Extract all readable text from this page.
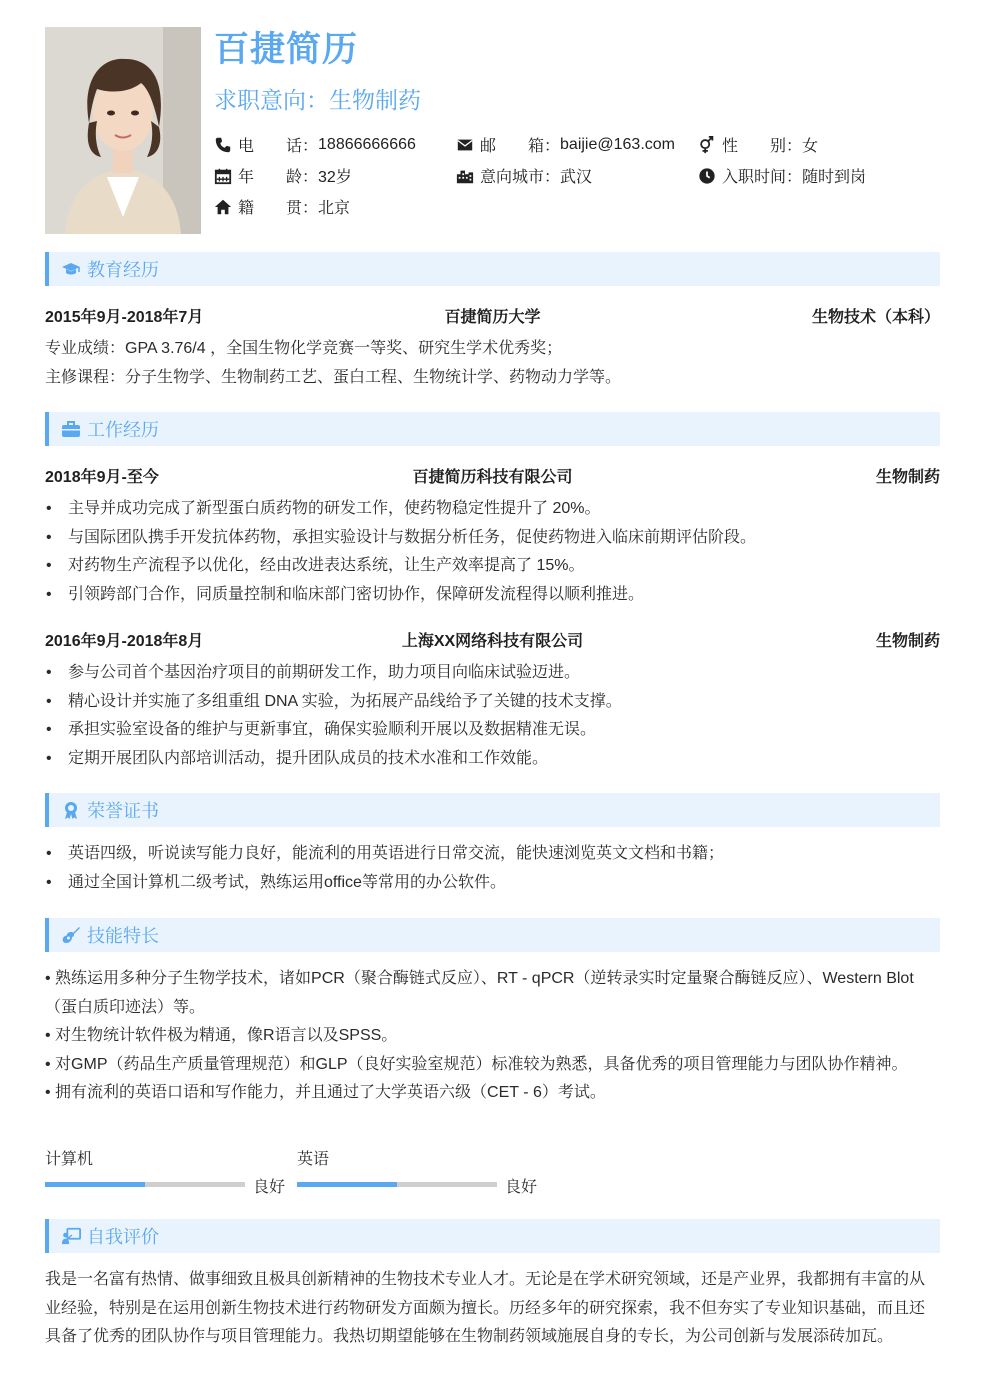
百捷简历
求职意向：生物制药
电　　话： 18866666666	邮　　箱： baijie@163.com	性　　别： 女
年　　龄： 32岁	意向城市： 武汉	入职时间： 随时到岗
籍　　贯： 北京
教育经历
百捷简历大学
2015年9月-2018年7月	生物技术（本科）
专业成绩：GPA 3.76/4 ，全国生物化学竞赛一等奖、研究生学术优秀奖；
主修课程：分子生物学、生物制药工艺、蛋白工程、生物统计学、药物动力学等。
工作经历
百捷简历科技有限公司
2018年9月-至今	生物制药
• 主导并成功完成了新型蛋白质药物的研发工作，使药物稳定性提升了 20%。
• 与国际团队携手开发抗体药物，承担实验设计与数据分析任务，促使药物进入临床前期评估阶段。
• 对药物生产流程予以优化，经由改进表达系统，让生产效率提高了 15%。
• 引领跨部门合作，同质量控制和临床部门密切协作，保障研发流程得以顺利推进。
上海XX网络科技有限公司
2016年9月-2018年8月	生物制药
• 参与公司首个基因治疗项目的前期研发工作，助力项目向临床试验迈进。
• 精心设计并实施了多组重组 DNA 实验，为拓展产品线给予了关键的技术支撑。
• 承担实验室设备的维护与更新事宜，确保实验顺利开展以及数据精准无误。
• 定期开展团队内部培训活动，提升团队成员的技术水准和工作效能。
荣誉证书
• 英语四级，听说读写能力良好，能流利的用英语进行日常交流，能快速浏览英文文档和书籍；
• 通过全国计算机二级考试，熟练运用office等常用的办公软件。
技能特长
• 熟练运用多种分子生物学技术，诸如PCR（聚合酶链式反应）、RT - qPCR（逆转录实时定量聚合酶链反应）、Western Blot（蛋白质印迹法）等。
• 对生物统计软件极为精通，像R语言以及SPSS。
• 对GMP（药品生产质量管理规范）和GLP（良好实验室规范）标准较为熟悉，具备优秀的项目管理能力与团队协作精神。
• 拥有流利的英语口语和写作能力，并且通过了大学英语六级（CET - 6）考试。
计算机
良好
英语
良好
自我评价
我是一名富有热情、做事细致且极具创新精神的生物技术专业人才。无论是在学术研究领域，还是产业界，我都拥有丰富的从业经验，特别是在运用创新生物技术进行药物研发方面颇为擅长。历经多年的研究探索，我不但夯实了专业知识基础，而且还具备了优秀的团队协作与项目管理能力。我热切期望能够在生物制药领域施展自身的专长，为公司创新与发展添砖加瓦。
